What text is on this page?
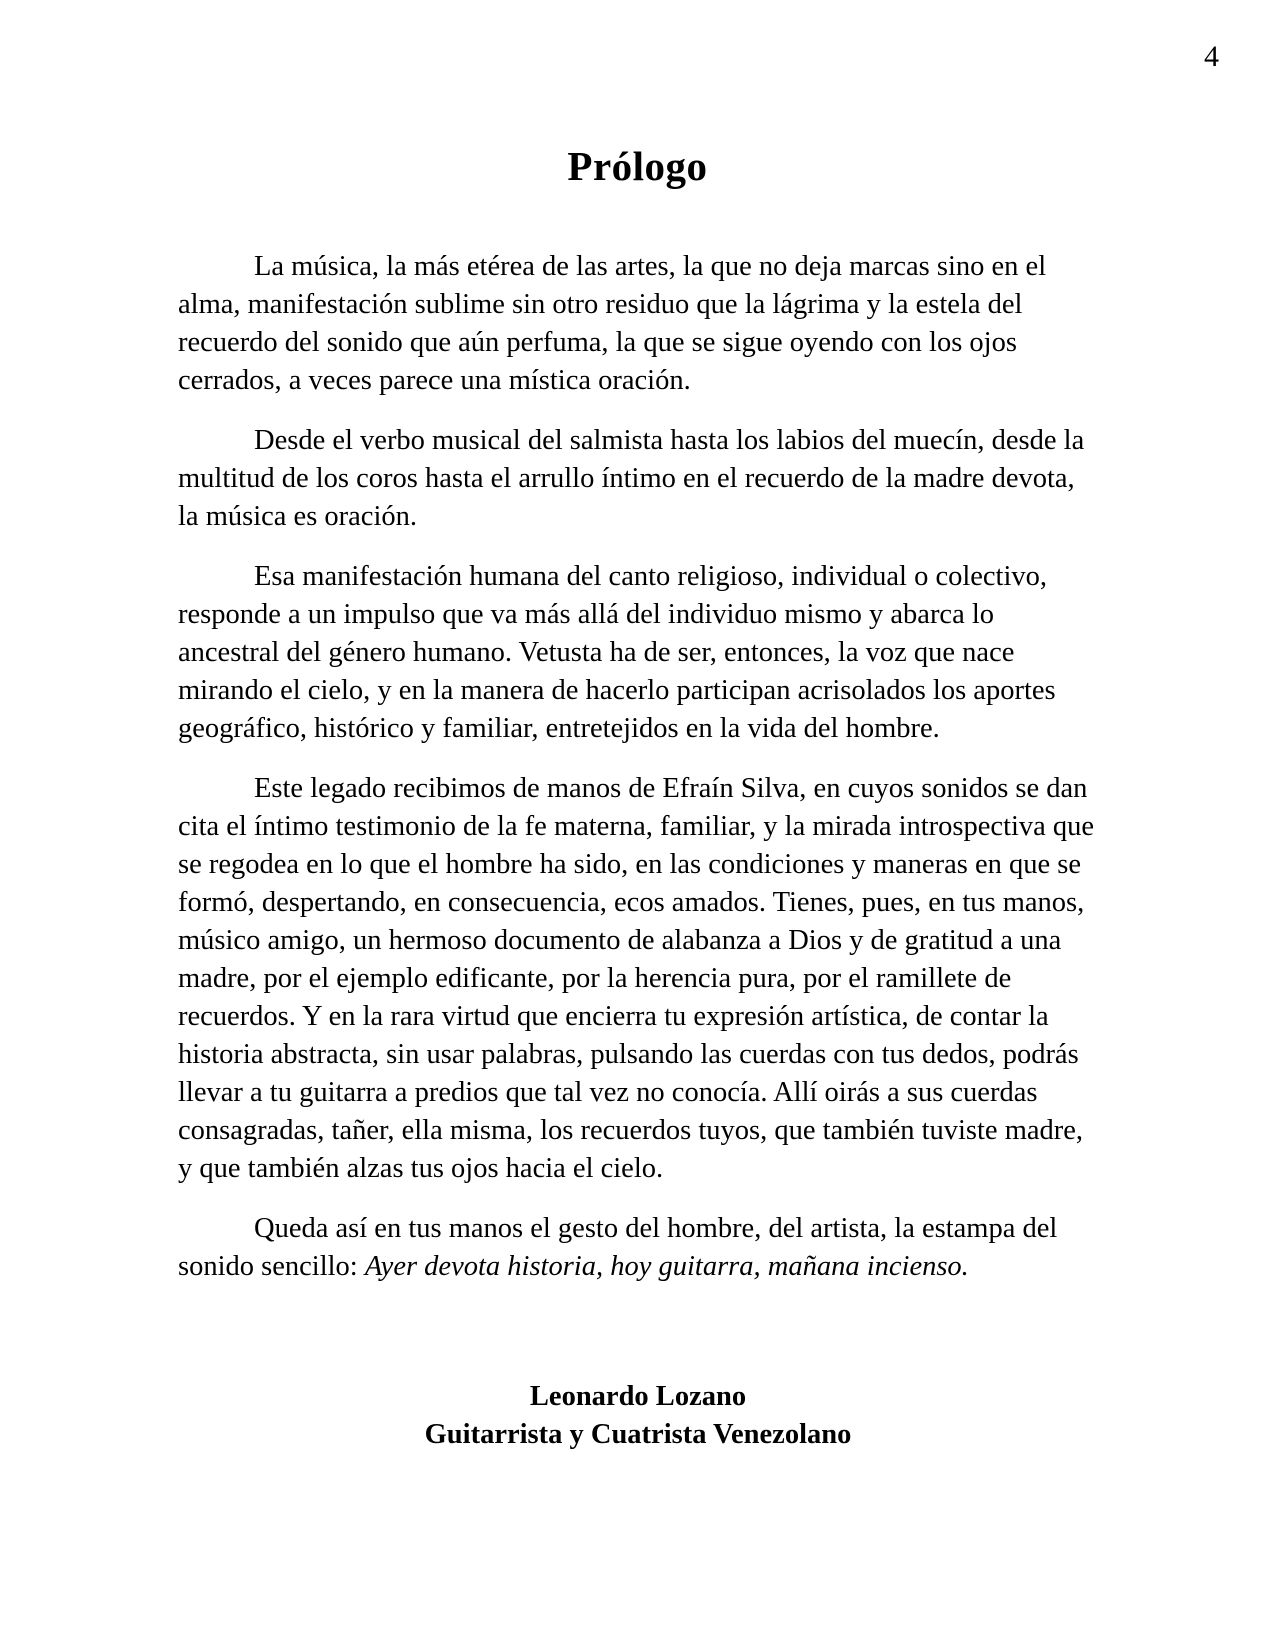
4
Prólogo

La música, la más etérea de las artes, la que no deja marcas sino en el alma, manifestación sublime sin otro residuo que la lágrima y la estela del recuerdo del sonido que aún perfuma, la que se sigue oyendo con los ojos cerrados, a veces parece una mística oración.

Desde el verbo musical del salmista hasta los labios del muecín, desde la multitud de los coros hasta el arrullo íntimo en el recuerdo de la madre devota, la música es oración.

Esa manifestación humana del canto religioso, individual o colectivo, responde a un impulso que va más allá del individuo mismo y abarca lo ancestral del género humano. Vetusta ha de ser, entonces, la voz que nace mirando el cielo, y en la manera de hacerlo participan acrisolados los aportes geográfico, histórico y familiar, entretejidos en la vida del hombre.

Este legado recibimos de manos de Efraín Silva, en cuyos sonidos se dan cita el íntimo testimonio de la fe materna, familiar, y la mirada introspectiva que se regodea en lo que el hombre ha sido, en las condiciones y maneras en que se formó, despertando, en consecuencia, ecos amados. Tienes, pues, en tus manos, músico amigo, un hermoso documento de alabanza a Dios y de gratitud a una madre, por el ejemplo edificante, por la herencia pura, por el ramillete de recuerdos. Y en la rara virtud que encierra tu expresión artística, de contar la historia abstracta, sin usar palabras, pulsando las cuerdas con tus dedos, podrás llevar a tu guitarra a predios que tal vez no conocía. Allí oirás a sus cuerdas consagradas, tañer, ella misma, los recuerdos tuyos, que también tuviste madre, y que también alzas tus ojos hacia el cielo.

Queda así en tus manos el gesto del hombre, del artista, la estampa del sonido sencillo: Ayer devota historia, hoy guitarra, mañana incienso.

Leonardo Lozano
Guitarrista y Cuatrista Venezolano
